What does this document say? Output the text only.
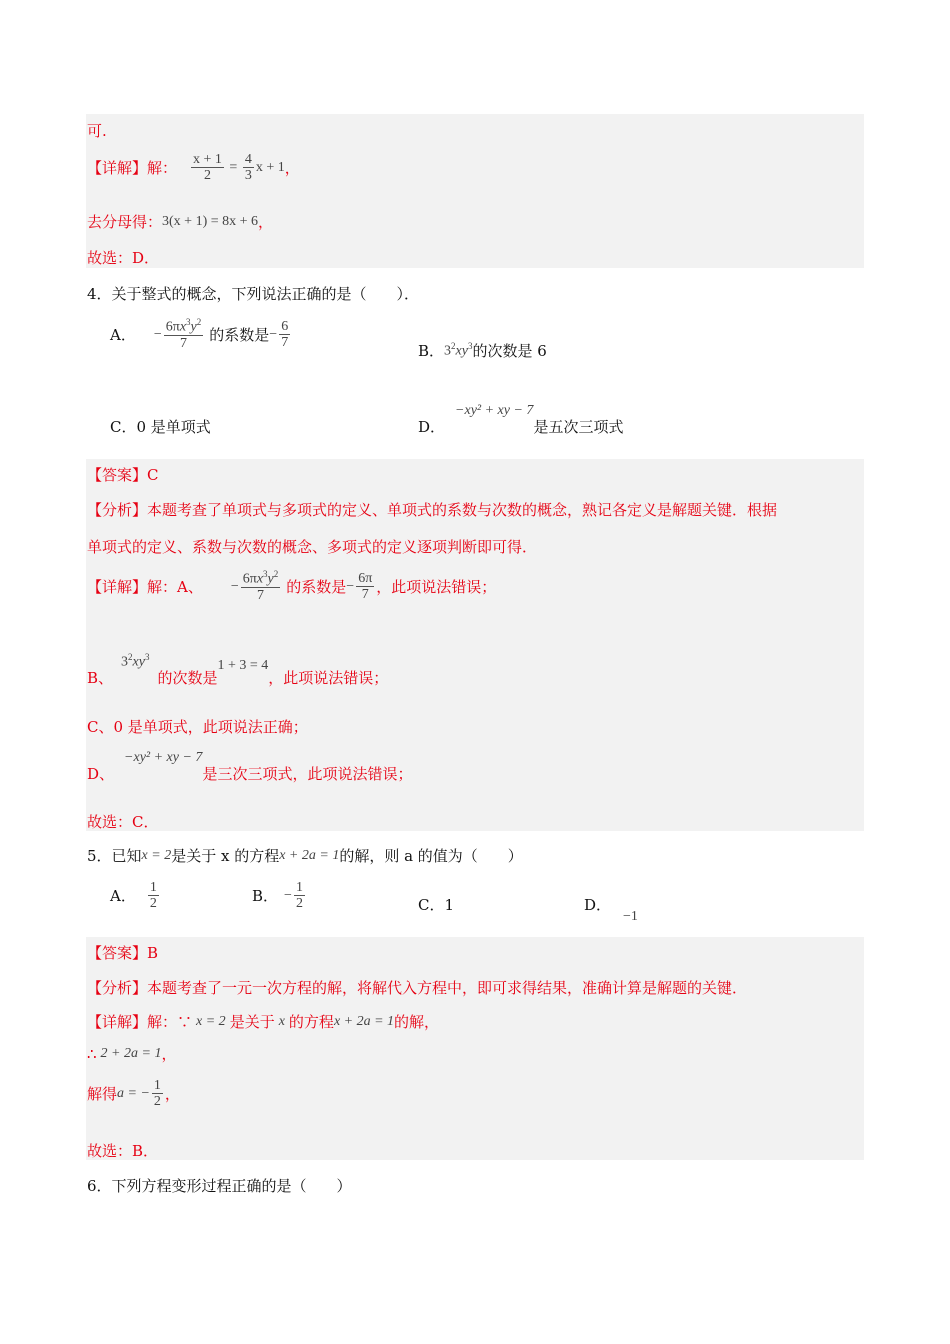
可.
【详解】解： $\frac{x + 1}{2} = \frac{4}{3}$ x + 1 ，
去分母得： 3(x + 1) = 8x + 6 ，
故选：D．
4．关于整式的概念，下列说法正确的是（　　）．
A． − $\frac{6\pi x^3y^2}{7}$ 的系数是 − $\frac{6}{7}$
B． $3^2xy^3$ 的次数是 6
C．0 是单项式	D．
−xy² + xy − 7
是五次三项式
【答案】C
【分析】本题考查了单项式与多项式的定义、单项式的系数与次数的概念，熟记各定义是解题关键．根据
单项式的定义、系数与次数的概念、多项式的定义逐项判断即可得．
【详解】解：A、 − $\frac{6\pi x^3y^2}{7}$ 的系数是 − $\frac{6\pi}{7}$ ，此项说法错误；
B、
$3^2xy^3$
的次数是
1 + 3 = 4
，此项说法错误；
C、0 是单项式，此项说法正确；
D、
−xy² + xy − 7
是三次三项式，此项说法错误；
故选：C．
5．已知 x = 2 是关于 x 的方程 x + 2a = 1 的解，则 a 的值为（　　）
A． $\frac{1}{2}$	B． − $\frac{1}{2}$	C．1	D．
−1
【答案】B
【分析】本题考查了一元一次方程的解，将解代入方程中，即可求得结果，准确计算是解题的关键．
【详解】解：∵ x = 2 是关于 x 的方程 x + 2a = 1 的解，
∴ 2 + 2a = 1 ，
解得 a = − $\frac{1}{2}$ ，
故选：B．
6．下列方程变形过程正确的是（　　）
